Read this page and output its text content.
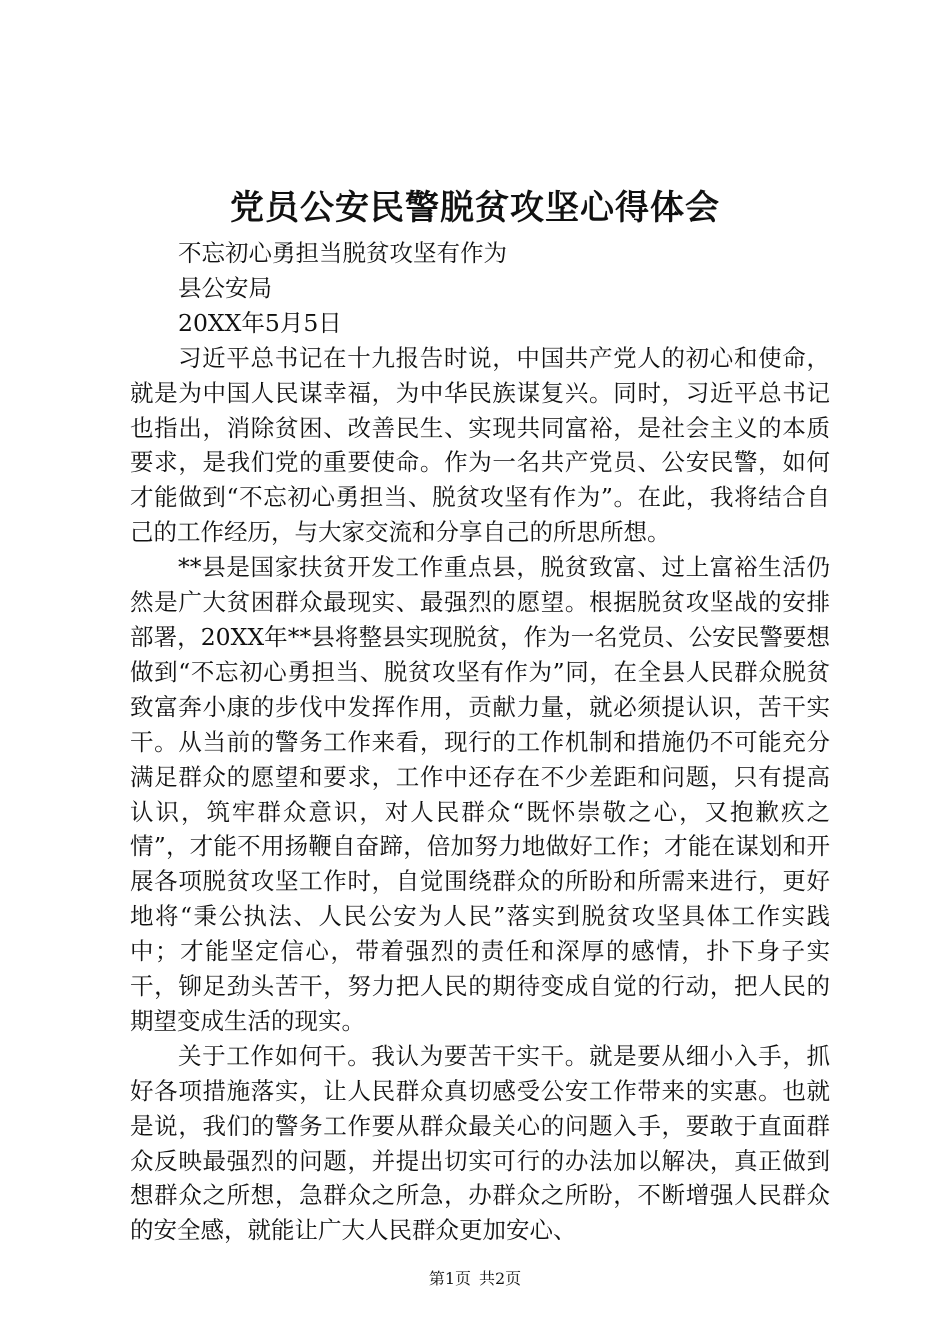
党员公安民警脱贫攻坚心得体会

不忘初心勇担当脱贫攻坚有作为

县公安局

20XX年5月5日

习近平总书记在十九报告时说，中国共产党人的初心和使命，就是为中国人民谋幸福，为中华民族谋复兴。同时，习近平总书记也指出，消除贫困、改善民生、实现共同富裕，是社会主义的本质要求，是我们党的重要使命。作为一名共产党员、公安民警，如何才能做到“不忘初心勇担当、脱贫攻坚有作为”。在此，我将结合自己的工作经历，与大家交流和分享自己的所思所想。

**县是国家扶贫开发工作重点县，脱贫致富、过上富裕生活仍然是广大贫困群众最现实、最强烈的愿望。根据脱贫攻坚战的安排部署，20XX年**县将整县实现脱贫，作为一名党员、公安民警要想做到“不忘初心勇担当、脱贫攻坚有作为”同，在全县人民群众脱贫致富奔小康的步伐中发挥作用，贡献力量，就必须提认识，苦干实干。从当前的警务工作来看，现行的工作机制和措施仍不可能充分满足群众的愿望和要求，工作中还存在不少差距和问题，只有提高认识，筑牢群众意识，对人民群众“既怀崇敬之心，又抱歉疚之情”，才能不用扬鞭自奋蹄，倍加努力地做好工作；才能在谋划和开展各项脱贫攻坚工作时，自觉围绕群众的所盼和所需来进行，更好地将“秉公执法、人民公安为人民”落实到脱贫攻坚具体工作实践中；才能坚定信心，带着强烈的责任和深厚的感情，扑下身子实干，铆足劲头苦干，努力把人民的期待变成自觉的行动，把人民的期望变成生活的现实。

关于工作如何干。我认为要苦干实干。就是要从细小入手，抓好各项措施落实，让人民群众真切感受公安工作带来的实惠。也就是说，我们的警务工作要从群众最关心的问题入手，要敢于直面群众反映最强烈的问题，并提出切实可行的办法加以解决，真正做到想群众之所想，急群众之所急，办群众之所盼，不断增强人民群众的安全感，就能让广大人民群众更加安心、

第1页 共2页
